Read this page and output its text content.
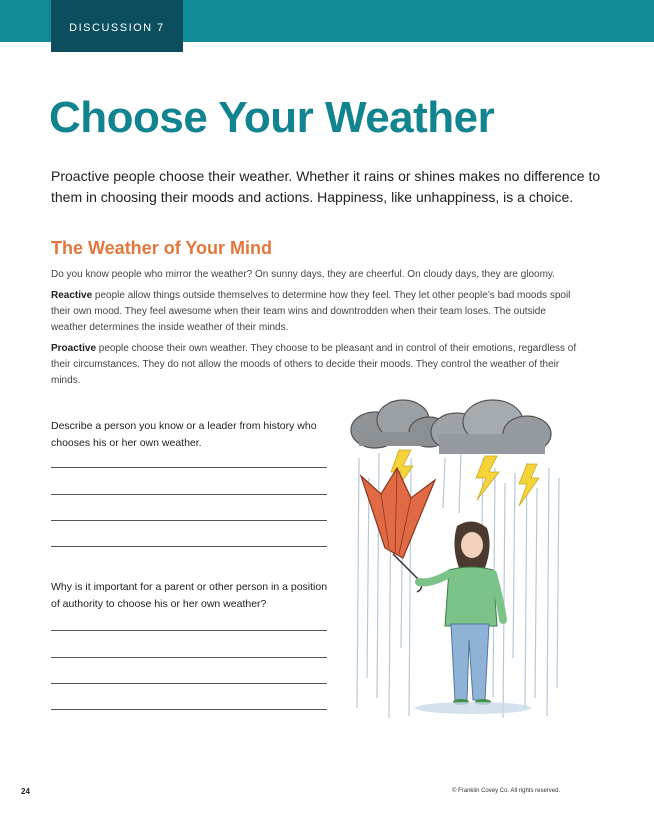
DISCUSSION 7
Choose Your Weather

Proactive people choose their weather. Whether it rains or shines makes no difference to them in choosing their moods and actions. Happiness, like unhappiness, is a choice.

The Weather of Your Mind

Do you know people who mirror the weather? On sunny days, they are cheerful. On cloudy days, they are gloomy.

Reactive people allow things outside themselves to determine how they feel. They let other people’s bad moods spoil their own mood. They feel awesome when their team wins and downtrodden when their team loses. The outside weather determines the inside weather of their minds.

Proactive people choose their own weather. They choose to be pleasant and in control of their emotions, regardless of their circumstances. They do not allow the moods of others to decide their moods. They control the weather of their minds.

Describe a person you know or a leader from history who chooses his or her own weather.

Why is it important for a parent or other person in a position of authority to choose his or her own weather?

24	© Franklin Covey Co. All rights reserved.
